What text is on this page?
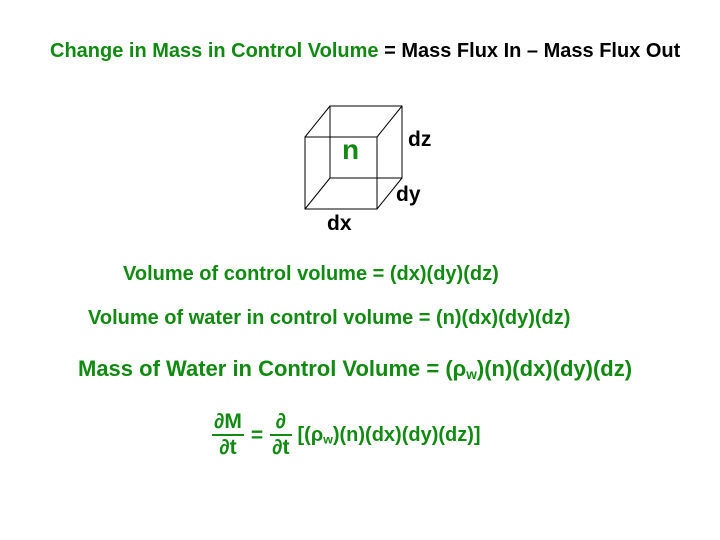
Change in Mass in Control Volume = Mass Flux In – Mass Flux Out
n dz
dy
dx
Volume of control volume = (dx)(dy)(dz)
Volume of water in control volume = (n)(dx)(dy)(dz)
Mass of Water in Control Volume = $(\rho_w)(n)(dx)(dy)(dz)$
$\frac{\partial M}{\partial t} = \frac{\partial}{\partial t} [(\rho_w)(n)(dx)(dy)(dz)]$
